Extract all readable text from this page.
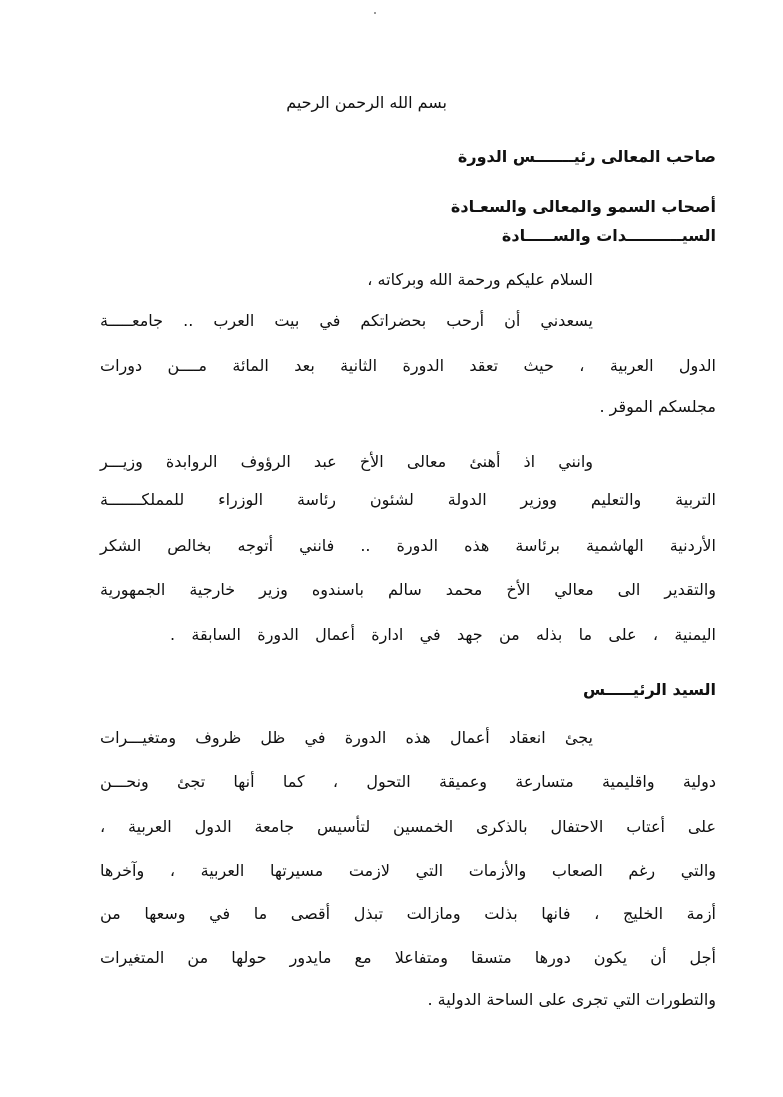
بسم الله الرحمن الرحيم
صاحب المعالى رئيـــــــس الدورة
أصحاب السمو والمعالى والسعـادة
السيــــــــــدات والســـــادة
السلام عليكم ورحمة الله وبركاته ،
يسعدني أن أرحب بحضراتكم في بيت العرب .. جامعـــــة
الدول العربية ، حيث تعقد الدورة الثانية بعد المائة مــــن دورات
مجلسكم الموقر .
وانني اذ أهنئ معالى الأخ عبد الرؤوف الروابدة وزيـــر
التربية والتعليم ووزير الدولة لشئون رئاسة الوزراء للمملكـــــــة
الأردنية الهاشمية برئاسة هذه الدورة .. فانني أتوجه بخالص الشكر
والتقدير الى معالي الأخ محمد سالم باسندوه وزير خارجية الجمهورية
اليمنية ، على ما بذله من جهد في ادارة أعمال الدورة السابقة .
السيد الرئيـــــس
يجئ انعقاد أعمال هذه الدورة في ظل ظروف ومتغيـــرات
دولية واقليمية متسارعة وعميقة التحول ، كما أنها تجئ ونحـــن
على أعتاب الاحتفال بالذكرى الخمسين لتأسيس جامعة الدول العربية ،
والتي رغم الصعاب والأزمات التي لازمت مسيرتها العربية ، وآخرها
أزمة الخليج ، فانها بذلت ومازالت تبذل أقصى ما في وسعها من
أجل أن يكون دورها متسقا ومتفاعلا مع مايدور حولها من المتغيرات
والتطورات التي تجرى على الساحة الدولية .
